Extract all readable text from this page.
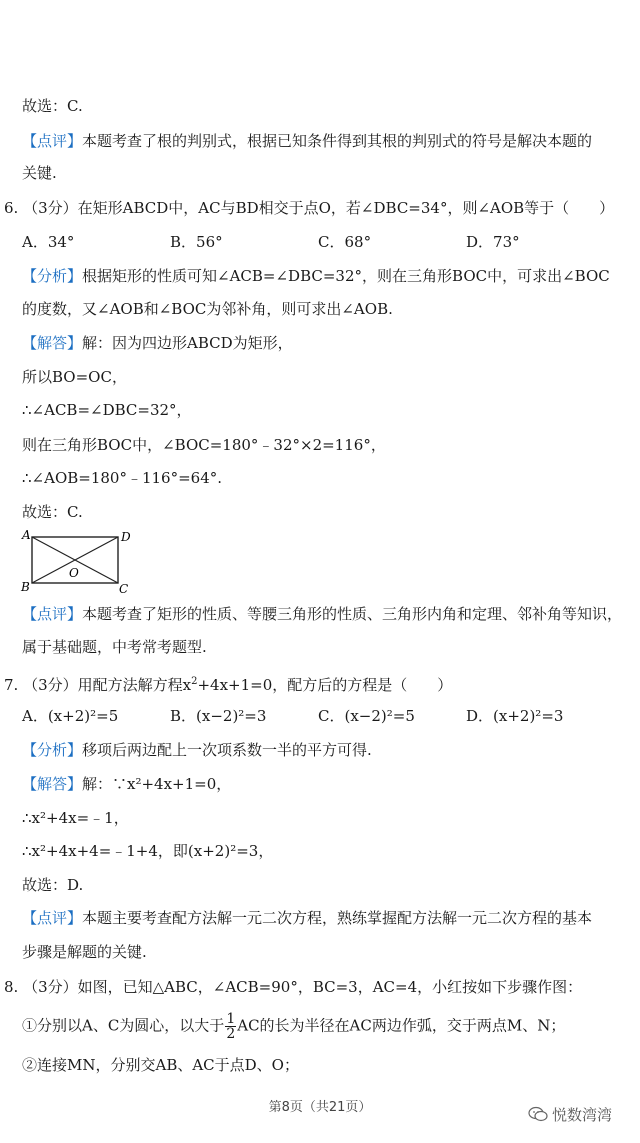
故选：C.
【点评】本题考查了根的判别式，根据已知条件得到其根的判别式的符号是解决本题的
关键.
6. （3分）在矩形ABCD中，AC与BD相交于点O，若∠DBC=34°，则∠AOB等于（　　）
A．34°	B．56°	C．68°	D．73°
【分析】根据矩形的性质可知∠ACB=∠DBC=32°，则在三角形BOC中，可求出∠BOC
的度数，又∠AOB和∠BOC为邻补角，则可求出∠AOB.
【解答】解：因为四边形ABCD为矩形，
所以BO=OC，
∴∠ACB=∠DBC=32°，
则在三角形BOC中，∠BOC=180°﹣32°×2=116°，
∴∠AOB=180°﹣116°=64°.
故选：C.
A	D
B	C
O
【点评】本题考查了矩形的性质、等腰三角形的性质、三角形内角和定理、邻补角等知识，
属于基础题，中考常考题型.
7. （3分）用配方法解方程$x^2+4x+1=0$，配方后的方程是（　　）
A．(x+2)²=5	B．(x−2)²=3	C．(x−2)²=5	D．(x+2)²=3
【分析】移项后两边配上一次项系数一半的平方可得.
【解答】解：∵x²+4x+1=0，
∴x²+4x=﹣1，
∴x²+4x+4=﹣1+4，即(x+2)²=3，
故选：D.
【点评】本题主要考查配方法解一元二次方程，熟练掌握配方法解一元二次方程的基本
步骤是解题的关键.
8. （3分）如图，已知△ABC，∠ACB=90°，BC=3，AC=4，小红按如下步骤作图：
①分别以A、C为圆心，以大于 $\frac{1}{2}$ AC的长为半径在AC两边作弧，交于两点M、N；
②连接MN，分别交AB、AC于点D、O；
第8页（共21页）	悦数湾湾
